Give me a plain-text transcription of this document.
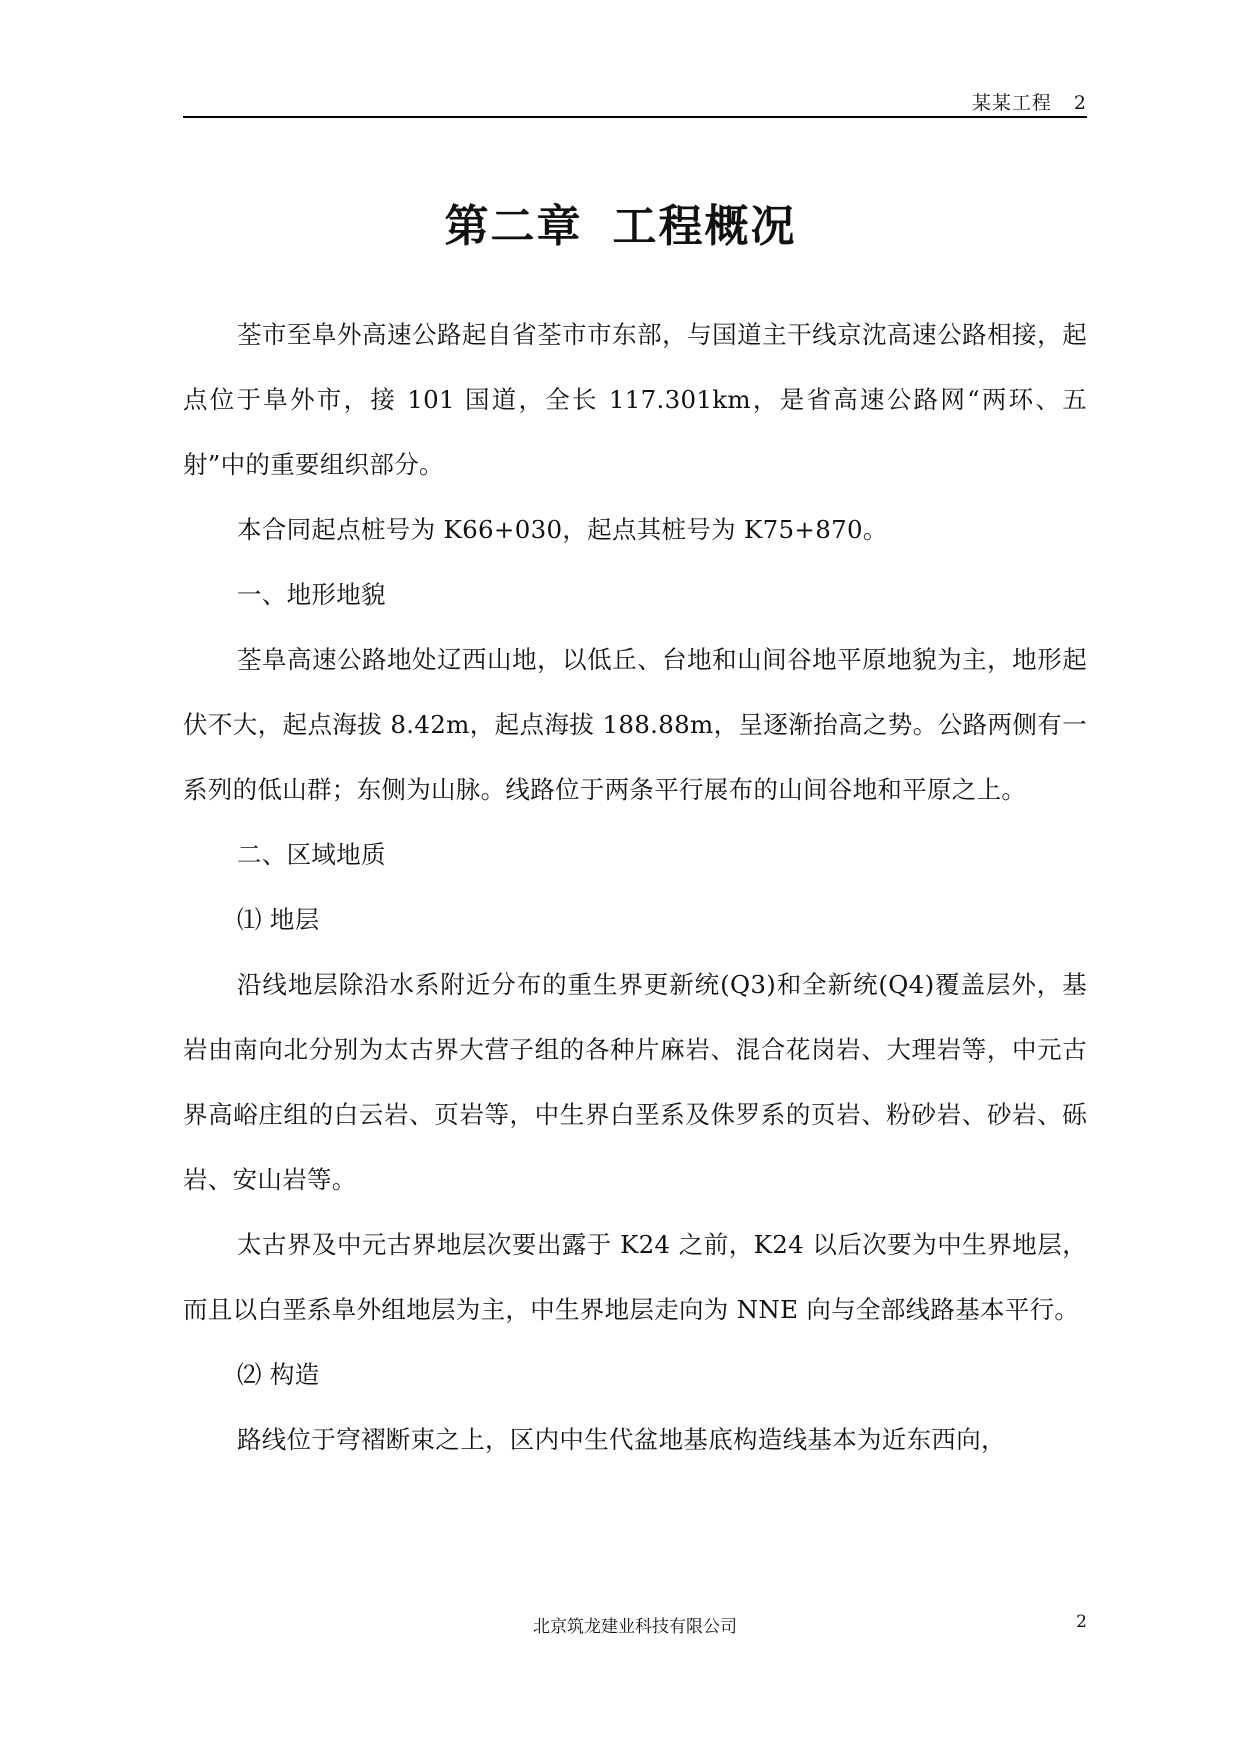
某某工程 2
第二章 工程概况

荃市至阜外高速公路起自省荃市市东部，与国道主干线京沈高速公路相接，起点位于阜外市，接 101 国道，全长 117.301km，是省高速公路网“两环、五射”中的重要组织部分。

本合同起点桩号为 K66+030，起点其桩号为 K75+870。

一、地形地貌

荃阜高速公路地处辽西山地，以低丘、台地和山间谷地平原地貌为主，地形起伏不大，起点海拔 8.42m，起点海拔 188.88m，呈逐渐抬高之势。公路两侧有一系列的低山群；东侧为山脉。线路位于两条平行展布的山间谷地和平原之上。

二、区域地质

⑴ 地层

沿线地层除沿水系附近分布的重生界更新统(Q3)和全新统(Q4)覆盖层外，基岩由南向北分别为太古界大营子组的各种片麻岩、混合花岗岩、大理岩等，中元古界高峪庄组的白云岩、页岩等，中生界白垩系及侏罗系的页岩、粉砂岩、砂岩、砾岩、安山岩等。

太古界及中元古界地层次要出露于 K24 之前，K24 以后次要为中生界地层，而且以白垩系阜外组地层为主，中生界地层走向为 NNE 向与全部线路基本平行。

⑵ 构造

路线位于穹褶断束之上，区内中生代盆地基底构造线基本为近东西向，

北京筑龙建业科技有限公司	2
